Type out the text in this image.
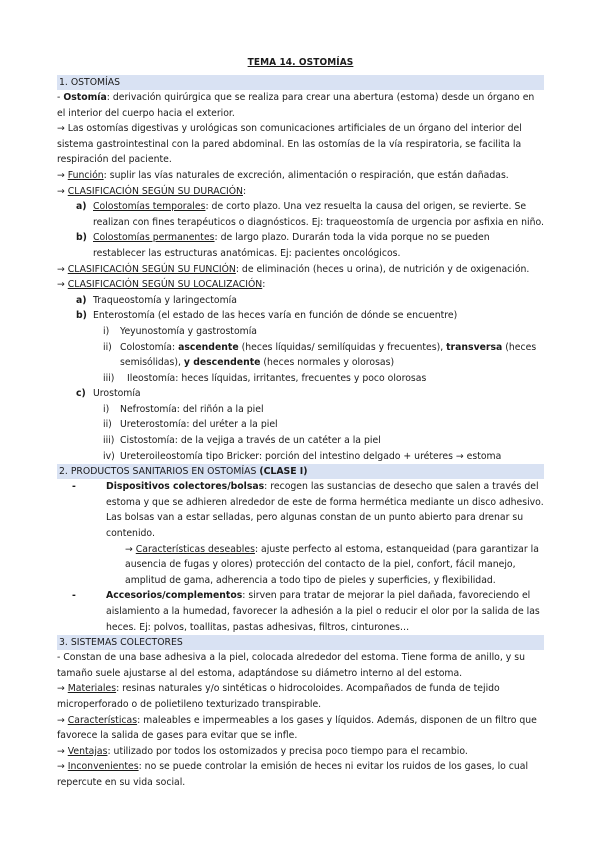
TEMA 14. OSTOMÍAS
1. OSTOMÍAS

- Ostomía: derivación quirúrgica que se realiza para crear una abertura (estoma) desde un órgano en el interior del cuerpo hacia el exterior.

→ Las ostomías digestivas y urológicas son comunicaciones artificiales de un órgano del interior del sistema gastrointestinal con la pared abdominal. En las ostomías de la vía respiratoria, se facilita la respiración del paciente.

→ Función: suplir las vías naturales de excreción, alimentación o respiración, que están dañadas.

→ CLASIFICACIÓN SEGÚN SU DURACIÓN:

a) Colostomías temporales: de corto plazo. Una vez resuelta la causa del origen, se revierte. Se realizan con fines terapéuticos o diagnósticos. Ej: traqueostomía de urgencia por asfixia en niño.
b) Colostomías permanentes: de largo plazo. Durarán toda la vida porque no se pueden restablecer las estructuras anatómicas. Ej: pacientes oncológicos.

→ CLASIFICACIÓN SEGÚN SU FUNCIÓN: de eliminación (heces u orina), de nutrición y de oxigenación.

→ CLASIFICACIÓN SEGÚN SU LOCALIZACIÓN:

a) Traqueostomía y laringectomía
b) Enterostomía (el estado de las heces varía en función de dónde se encuentre)
i)	Yeyunostomía y gastrostomía
ii) Colostomía: ascendente (heces líquidas/ semilíquidas y frecuentes), transversa (heces semisólidas), y descendente (heces normales y olorosas)
iii)	Ileostomía: heces líquidas, irritantes, frecuentes y poco olorosas
c) Urostomía
i)	Nefrostomía: del riñón a la piel
ii) Ureterostomía: del uréter a la piel
iii) Cistostomía: de la vejiga a través de un catéter a la piel
iv) Ureteroileostomía tipo Bricker: porción del intestino delgado + uréteres → estoma
2. PRODUCTOS SANITARIOS EN OSTOMÍAS (CLASE I)
-	Dispositivos colectores/bolsas: recogen las sustancias de desecho que salen a través del estoma y que se adhieren alrededor de este de forma hermética mediante un disco adhesivo. Las bolsas van a estar selladas, pero algunas constan de un punto abierto para drenar su contenido.
→ Características deseables: ajuste perfecto al estoma, estanqueidad (para garantizar la ausencia de fugas y olores) protección del contacto de la piel, confort, fácil manejo, amplitud de gama, adherencia a todo tipo de pieles y superficies, y flexibilidad.
-	Accesorios/complementos: sirven para tratar de mejorar la piel dañada, favoreciendo el aislamiento a la humedad, favorecer la adhesión a la piel o reducir el olor por la salida de las heces. Ej: polvos, toallitas, pastas adhesivas, filtros, cinturones…
3. SISTEMAS COLECTORES

- Constan de una base adhesiva a la piel, colocada alrededor del estoma. Tiene forma de anillo, y su tamaño suele ajustarse al del estoma, adaptándose su diámetro interno al del estoma.

→ Materiales: resinas naturales y/o sintéticas o hidrocoloides. Acompañados de funda de tejido microperforado o de polietileno texturizado transpirable.

→ Características: maleables e impermeables a los gases y líquidos. Además, disponen de un filtro que favorece la salida de gases para evitar que se infle.

→ Ventajas: utilizado por todos los ostomizados y precisa poco tiempo para el recambio.

→ Inconvenientes: no se puede controlar la emisión de heces ni evitar los ruidos de los gases, lo cual repercute en su vida social.
